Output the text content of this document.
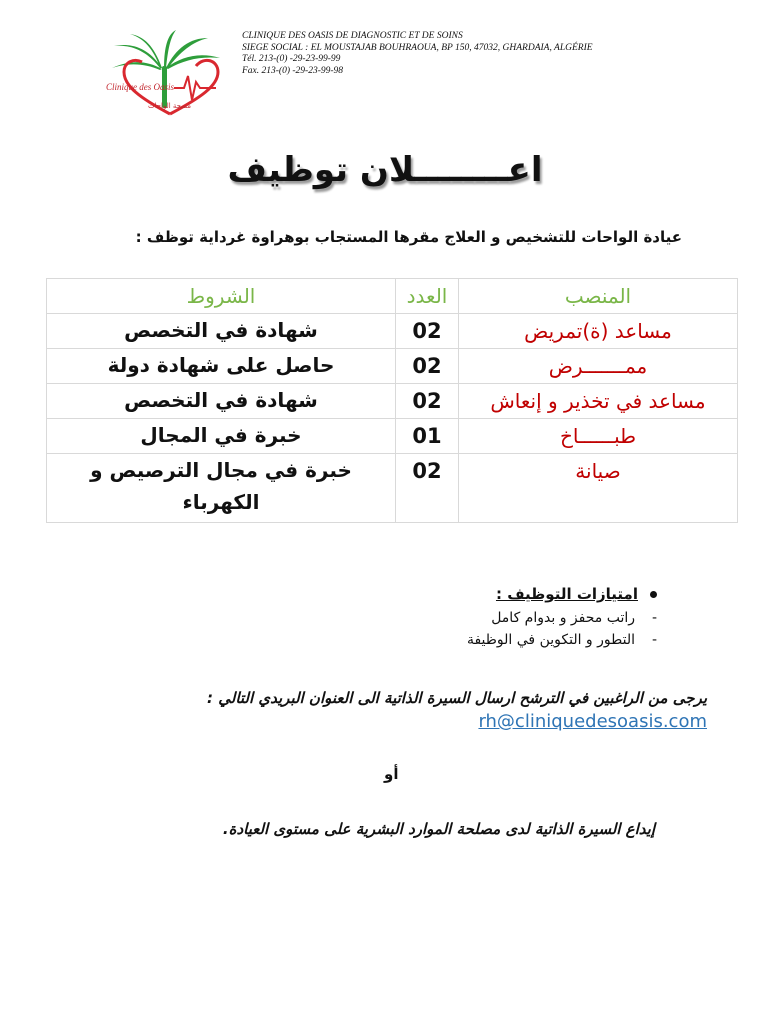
Clinique des Oasis
مصحة الواحات
CLINIQUE DES OASIS DE DIAGNOSTIC ET DE SOINS
SIEGE SOCIAL : EL MOUSTAJAB BOUHRAOUA, BP 150, 47032, GHARDAIA, ALGÉRIE
Tél. 213-(0) -29-23-99-99
Fax. 213-(0) -29-23-99-98
اعــــــــلان توظيف
عيادة الواحات للتشخيص و العلاج مقرها المستجاب بوهراوة غرداية توظف :
المنصب	العدد	الشروط
مساعد (ة)تمريض	02	شهادة في التخصص
ممـــــــرض	02	حاصل على شهادة دولة
مساعد في تخذير و إنعاش	02	شهادة في التخصص
طبــــــاخ	01	خبرة في المجال
صيانة	02	خبرة في مجال الترصيص و الكهرباء
امتيازات التوظيف :
-راتب محفز و بدوام كامل
-التطور و التكوين في الوظيفة
يرجى من الراغبين في الترشح ارسال السيرة الذاتية الى العنوان البريدي التالي : rh@cliniquedesoasis.com
أو
إيداع السيرة الذاتية لدى مصلحة الموارد البشرية على مستوى العيادة.
